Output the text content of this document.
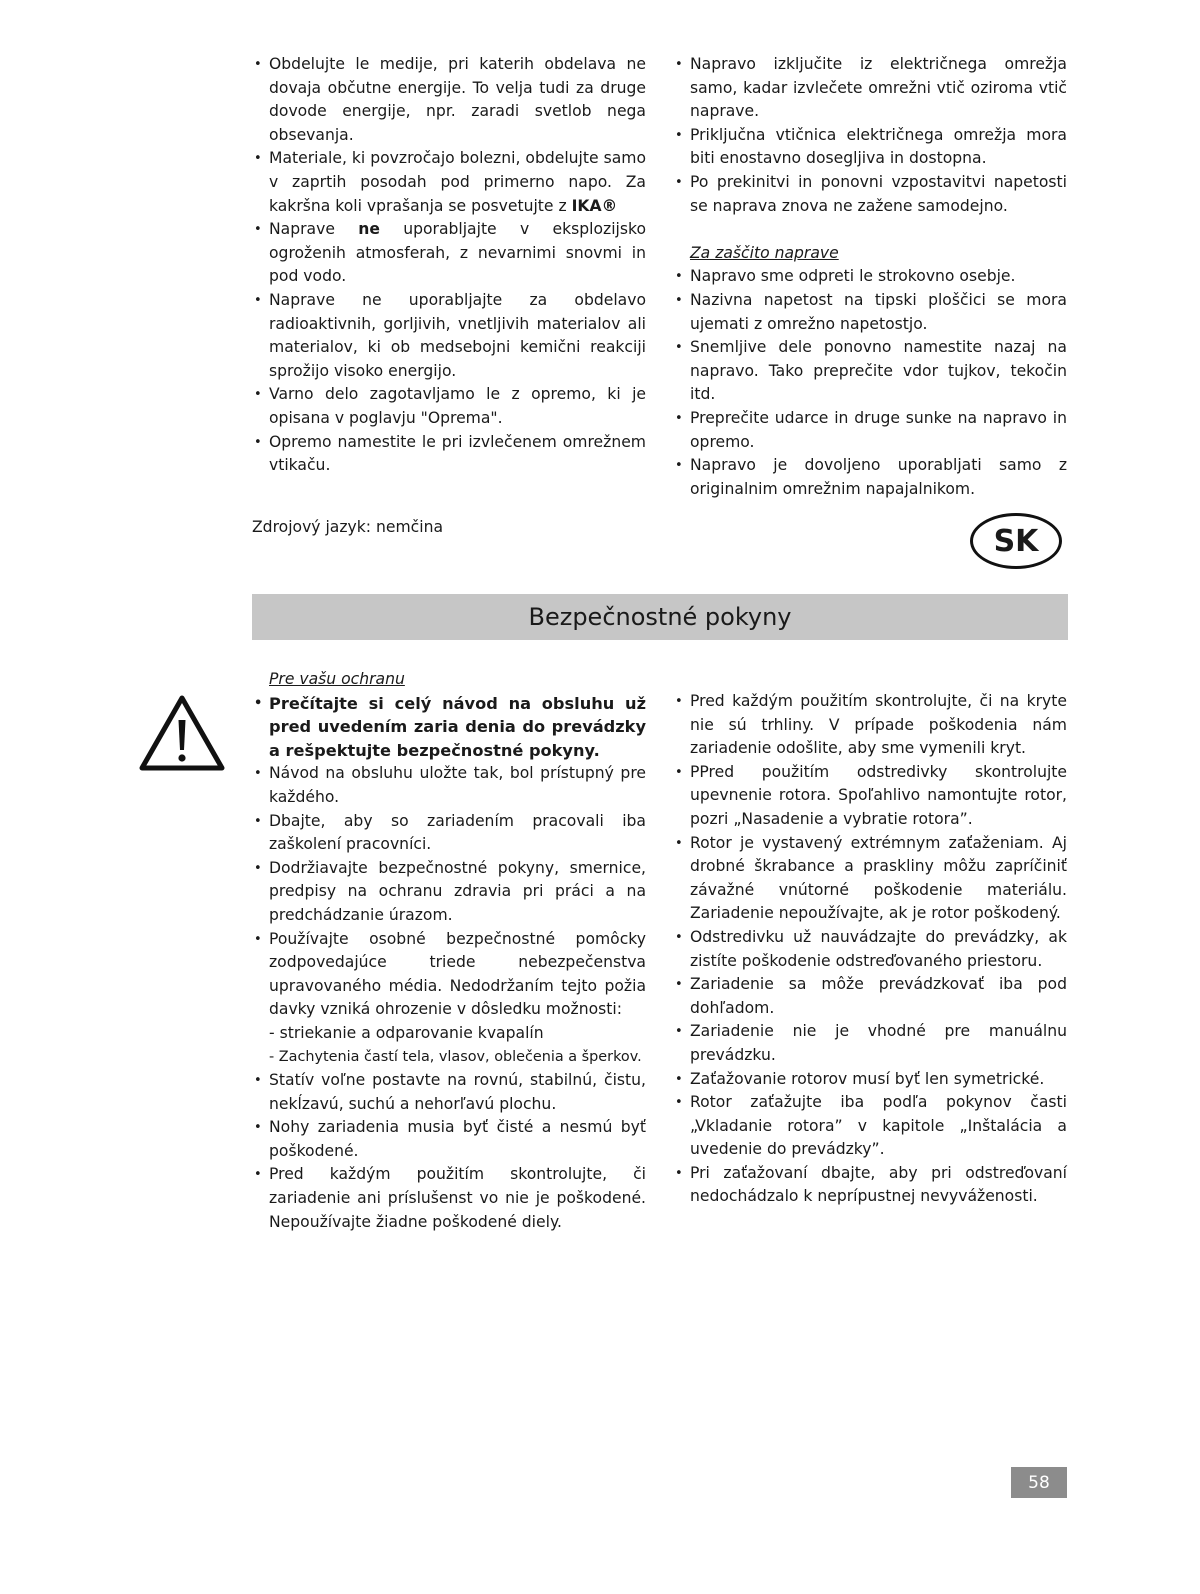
• Obdelujte le medije, pri katerih obdelava ne dovaja občutne energije. To velja tudi za druge dovode energije, npr. zaradi svetlob nega obsevanja.
• Materiale, ki povzročajo bolezni, obdelujte samo v zaprtih posodah pod primerno napo. Za kakršna koli vprašanja se posvetujte z IKA®
• Naprave ne uporabljajte v eksplozijsko ogroženih atmosferah, z nevarnimi snovmi in pod vodo.
• Naprave ne uporabljajte za obdelavo radioaktivnih, gorljivih, vnetljivih materialov ali materialov, ki ob medsebojni kemični reakciji sprožijo visoko energijo.
• Varno delo zagotavljamo le z opremo, ki je opisana v poglavju "Oprema".
• Opremo namestite le pri izvlečenem omrežnem vtikaču.
• Napravo izklјučite iz električnega omrežja samo, kadar izvlečete omrežni vtič oziroma vtič naprave.
• Priključna vtičnica električnega omrežja mora biti enostavno dosegljiva in dostopna.
• Po prekinitvi in ponovni vzpostavitvi napetosti se naprava znova ne zažene samodejno.
Za zaščito naprave
• Napravo sme odpreti le strokovno osebje.
• Nazivna napetost na tipski ploščici se mora ujemati z omrežno napetostjo.
• Snemljive dele ponovno namestite nazaj na napravo. Tako preprečite vdor tujkov, tekočin itd.
• Preprečite udarce in druge sunke na napravo in opremo.
• Napravo je dovoljeno uporabljati samo z originalnim omrežnim napajalnikom.
Zdrojový jazyk: nemčina	SK
Bezpečnostné pokyny
Pre vašu ochranu
• Prečítajte si celý návod na obsluhu už pred uvedením zaria denia do prevádzky a rešpektujte bezpečnostné pokyny.
• Návod na obsluhu uložte tak, bol prístupný pre každého.
• Dbajte, aby so zariadením pracovali iba zaškolení pracovníci.
• Dodržiavajte bezpečnostné pokyny, smernice, predpisy na ochranu zdravia pri práci a na predchádzanie úrazom.
• Používajte osobné bezpečnostné pomôcky zodpovedajúce triede nebezpečenstva upravovaného média. Nedodržaním tejto požia davky vzniká ohrozenie v dôsledku možnosti:
- striekanie a odparovanie kvapalín
- Zachytenia častí tela, vlasov, oblečenia a šperkov.
• Statív voľne postavte na rovnú, stabilnú, čistu, nekĺzavú, suchú a nehorľavú plochu.
• Nohy zariadenia musia byť čisté a nesmú byť poškodené.
• Pred každým použitím skontrolujte, či zariadenie ani príslušenst vo nie je poškodené. Nepoužívajte žiadne poškodené diely.
• Pred každým použitím skontrolujte, či na kryte nie sú trhliny. V prípade poškodenia nám zariadenie odošlite, aby sme vymenili kryt.
• PPred použitím odstredivky skontrolujte upevnenie rotora. Spoľahlivo namontujte rotor, pozri „Nasadenie a vybratie rotora”.
• Rotor je vystavený extrémnym zaťaženiam. Aj drobné škrabance a praskliny môžu zapríčiniť závažné vnútorné poškodenie materiálu. Zariadenie nepoužívajte, ak je rotor poškodený.
• Odstredivku už nauvádzajte do prevádzky, ak zistíte poškodenie odstreďovaného priestoru.
• Zariadenie sa môže prevádzkovať iba pod dohľadom.
• Zariadenie nie je vhodné pre manuálnu prevádzku.
• Zaťažovanie rotorov musí byť len symetrické.
• Rotor zaťažujte iba podľa pokynov časti „Vkladanie rotora” v kapitole „Inštalácia a uvedenie do prevádzky”.
• Pri zaťažovaní dbajte, aby pri odstreďovaní nedochádzalo k neprípustnej nevyváženosti.
58
